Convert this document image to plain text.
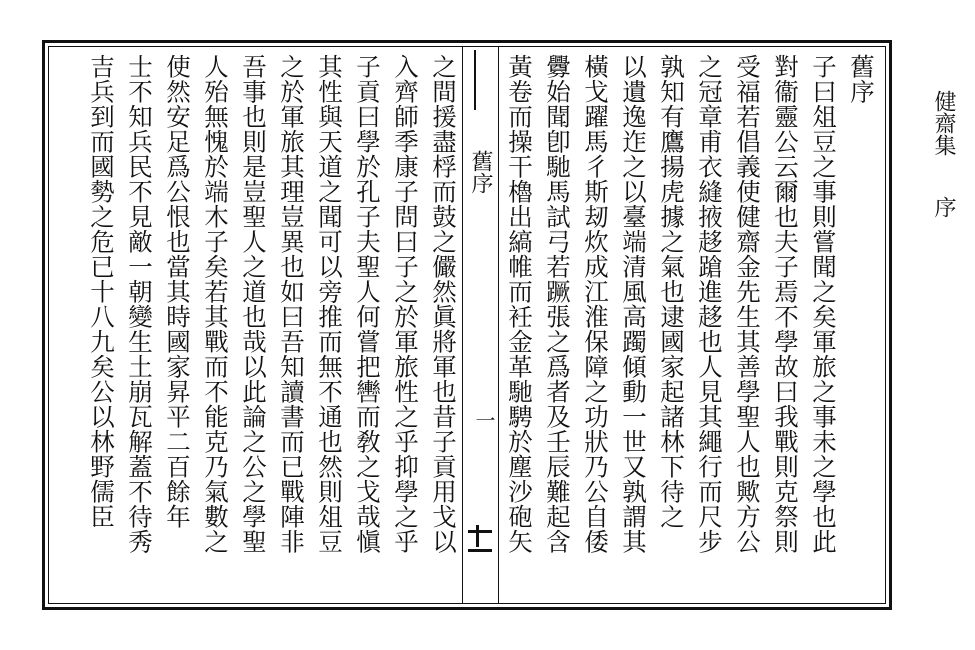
健齋集序
舊序
子曰俎豆之事則嘗聞之矣軍旅之事未之學也此
對衞靈公云爾也夫子焉不學故曰我戰則克祭則
受福若倡義使健齋金先生其善學聖人也歟方公
之冠章甫衣縫掖趍蹌進趍也人見其繩行而尺步
孰知有鷹揚虎據之氣也逮國家起諸林下待之
以遺逸迮之以臺端清風高躅傾動一世又孰謂其
橫戈躍馬彳斯刼炊成江淮保障之功狀乃公自倭
釁始聞卽馳馬試弓若蹶張之爲者及壬辰難起含
黃卷而操干櫓出縞帷而衽金革馳騁於塵沙砲矢
舊序
一
之間援盡桴而鼓之儼然眞將軍也昔子貢用戈以
入齊師季康子問曰子之於軍旅性之乎抑學之乎
子貢曰學於孔子夫聖人何嘗把轡而敎之戈哉愼
其性與天道之聞可以旁推而無不通也然則俎豆
之於軍旅其理豈異也如曰吾知讀書而已戰陣非
吾事也則是豈聖人之道也哉以此論之公之學聖
人殆無愧於端木子矣若其戰而不能克乃氣數之
使然安足爲公恨也當其時國家昇平二百餘年
士不知兵民不見敵一朝變生土崩瓦解蓋不待秀
吉兵到而國勢之危已十八九矣公以林野儒臣
